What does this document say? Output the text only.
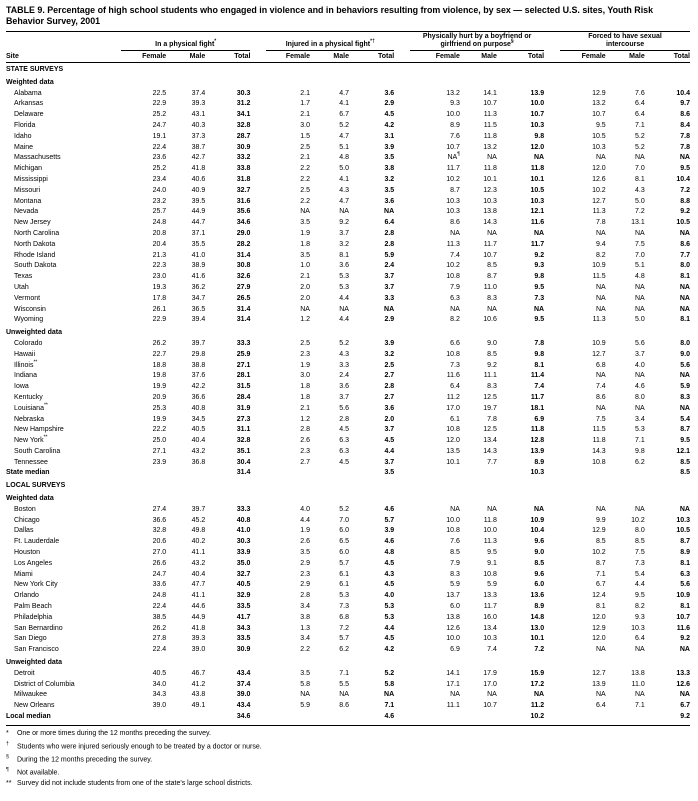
TABLE 9. Percentage of high school students who engaged in violence and in behaviors resulting from violence, by sex — selected U.S. sites, Youth Risk Behavior Survey, 2001

	In a physical fight*			Injured in a physical fight*†			Physically hurt by a boyfriend or girlfriend on purpose§			Forced to have sexual intercourse		

Site	Female	Male	Total	Female	Male	Total	Female	Male	Total	Female	Male	Total
STATE SURVEYS												
Weighted data												
Alabama	22.5	37.4	30.3	2.1	4.7	3.6	13.2	14.1	13.9	12.9	7.6	10.4
Arkansas	22.9	39.3	31.2	1.7	4.1	2.9	9.3	10.7	10.0	13.2	6.4	9.7
Delaware	25.2	43.1	34.1	2.1	6.7	4.5	10.0	11.3	10.7	10.7	6.4	8.6
Florida	24.7	40.3	32.8	3.0	5.2	4.2	8.9	11.5	10.3	9.5	7.1	8.4
Idaho	19.1	37.3	28.7	1.5	4.7	3.1	7.6	11.8	9.8	10.5	5.2	7.8
Maine	22.4	38.7	30.9	2.5	5.1	3.9	10.7	13.2	12.0	10.3	5.2	7.8
Massachusetts	23.6	42.7	33.2	2.1	4.8	3.5	NA¶	NA	NA	NA	NA	NA
Michigan	25.2	41.8	33.8	2.2	5.0	3.8	11.7	11.8	11.8	12.0	7.0	9.5
Mississippi	23.4	40.6	31.8	2.2	4.1	3.2	10.2	10.1	10.1	12.6	8.1	10.4
Missouri	24.0	40.9	32.7	2.5	4.3	3.5	8.7	12.3	10.5	10.2	4.3	7.2
Montana	23.2	39.5	31.6	2.2	4.7	3.6	10.3	10.3	10.3	12.7	5.0	8.8
Nevada	25.7	44.9	35.6	NA	NA	NA	10.3	13.8	12.1	11.3	7.2	9.2
New Jersey	24.8	44.7	34.6	3.5	9.2	6.4	8.6	14.3	11.6	7.8	13.1	10.5
North Carolina	20.8	37.1	29.0	1.9	3.7	2.8	NA	NA	NA	NA	NA	NA
North Dakota	20.4	35.5	28.2	1.8	3.2	2.8	11.3	11.7	11.7	9.4	7.5	8.6
Rhode Island	21.3	41.0	31.4	3.5	8.1	5.9	7.4	10.7	9.2	8.2	7.0	7.7
South Dakota	22.3	38.9	30.8	1.0	3.6	2.4	10.2	8.5	9.3	10.9	5.1	8.0
Texas	23.0	41.6	32.6	2.1	5.3	3.7	10.8	8.7	9.8	11.5	4.8	8.1
Utah	19.3	36.2	27.9	2.0	5.3	3.7	7.9	11.0	9.5	NA	NA	NA
Vermont	17.8	34.7	26.5	2.0	4.4	3.3	6.3	8.3	7.3	NA	NA	NA
Wisconsin	26.1	36.5	31.4	NA	NA	NA	NA	NA	NA	NA	NA	NA
Wyoming	22.9	39.4	31.4	1.2	4.4	2.9	8.2	10.6	9.5	11.3	5.0	8.1
Unweighted data												
Colorado	26.2	39.7	33.3	2.5	5.2	3.9	6.6	9.0	7.8	10.9	5.6	8.0
Hawaii	22.7	29.8	25.9	2.3	4.3	3.2	10.8	8.5	9.8	12.7	3.7	9.0
Illinois**	18.8	38.8	27.1	1.9	3.3	2.5	7.3	9.2	8.1	6.8	4.0	5.6
Indiana	19.8	37.6	28.1	3.0	2.4	2.7	11.6	11.1	11.4	NA	NA	NA
Iowa	19.9	42.2	31.5	1.8	3.6	2.8	6.4	8.3	7.4	7.4	4.6	5.9
Kentucky	20.9	36.6	28.4	1.8	3.7	2.7	11.2	12.5	11.7	8.6	8.0	8.3
Louisiana**	25.3	40.8	31.9	2.1	5.6	3.6	17.0	19.7	18.1	NA	NA	NA
Nebraska	19.9	34.5	27.3	1.2	2.8	2.0	6.1	7.8	6.9	7.5	3.4	5.4
New Hampshire	22.2	40.5	31.1	2.8	4.5	3.7	10.8	12.5	11.8	11.5	5.3	8.7
New York**	25.0	40.4	32.8	2.6	6.3	4.5	12.0	13.4	12.8	11.8	7.1	9.5
South Carolina	27.1	43.2	35.1	2.3	6.3	4.4	13.5	14.3	13.9	14.3	9.8	12.1
Tennessee	23.9	36.8	30.4	2.7	4.5	3.7	10.1	7.7	8.9	10.8	6.2	8.5
State median			31.4			3.5			10.3			8.5
LOCAL SURVEYS												
Weighted data												
Boston	27.4	39.7	33.3	4.0	5.2	4.6	NA	NA	NA	NA	NA	NA
Chicago	36.6	45.2	40.8	4.4	7.0	5.7	10.0	11.8	10.9	9.9	10.2	10.3
Dallas	32.8	49.8	41.0	1.9	6.0	3.9	10.8	10.0	10.4	12.9	8.0	10.5
Ft. Lauderdale	20.6	40.2	30.3	2.6	6.5	4.6	7.6	11.3	9.6	8.5	8.5	8.7
Houston	27.0	41.1	33.9	3.5	6.0	4.8	8.5	9.5	9.0	10.2	7.5	8.9
Los Angeles	26.6	43.2	35.0	2.9	5.7	4.5	7.9	9.1	8.5	8.7	7.3	8.1
Miami	24.7	40.4	32.7	2.3	6.1	4.3	8.3	10.8	9.6	7.1	5.4	6.3
New York City	33.6	47.7	40.5	2.9	6.1	4.5	5.9	5.9	6.0	6.7	4.4	5.6
Orlando	24.8	41.1	32.9	2.8	5.3	4.0	13.7	13.3	13.6	12.4	9.5	10.9
Palm Beach	22.4	44.6	33.5	3.4	7.3	5.3	6.0	11.7	8.9	8.1	8.2	8.1
Philadelphia	38.5	44.9	41.7	3.8	6.8	5.3	13.8	16.0	14.8	12.0	9.3	10.7
San Bernardino	26.2	41.8	34.3	1.3	7.2	4.4	12.6	13.4	13.0	12.9	10.3	11.6
San Diego	27.8	39.3	33.5	3.4	5.7	4.5	10.0	10.3	10.1	12.0	6.4	9.2
San Francisco	22.4	39.0	30.9	2.2	6.2	4.2	6.9	7.4	7.2	NA	NA	NA
Unweighted data												
Detroit	40.5	46.7	43.4	3.5	7.1	5.2	14.1	17.9	15.9	12.7	13.8	13.3
District of Columbia	34.0	41.2	37.4	5.8	5.5	5.8	17.1	17.0	17.2	13.9	11.0	12.6
Milwaukee	34.3	43.8	39.0	NA	NA	NA	NA	NA	NA	NA	NA	NA
New Orleans	39.0	49.1	43.4	5.9	8.6	7.1	11.1	10.7	11.2	6.4	7.1	6.7
Local median			34.6			4.6			10.2			9.2
* One or more times during the 12 months preceding the survey.
† Students who were injured seriously enough to be treated by a doctor or nurse.
§ During the 12 months preceding the survey.
¶ Not available.
** Survey did not include students from one of the state's large school districts.
